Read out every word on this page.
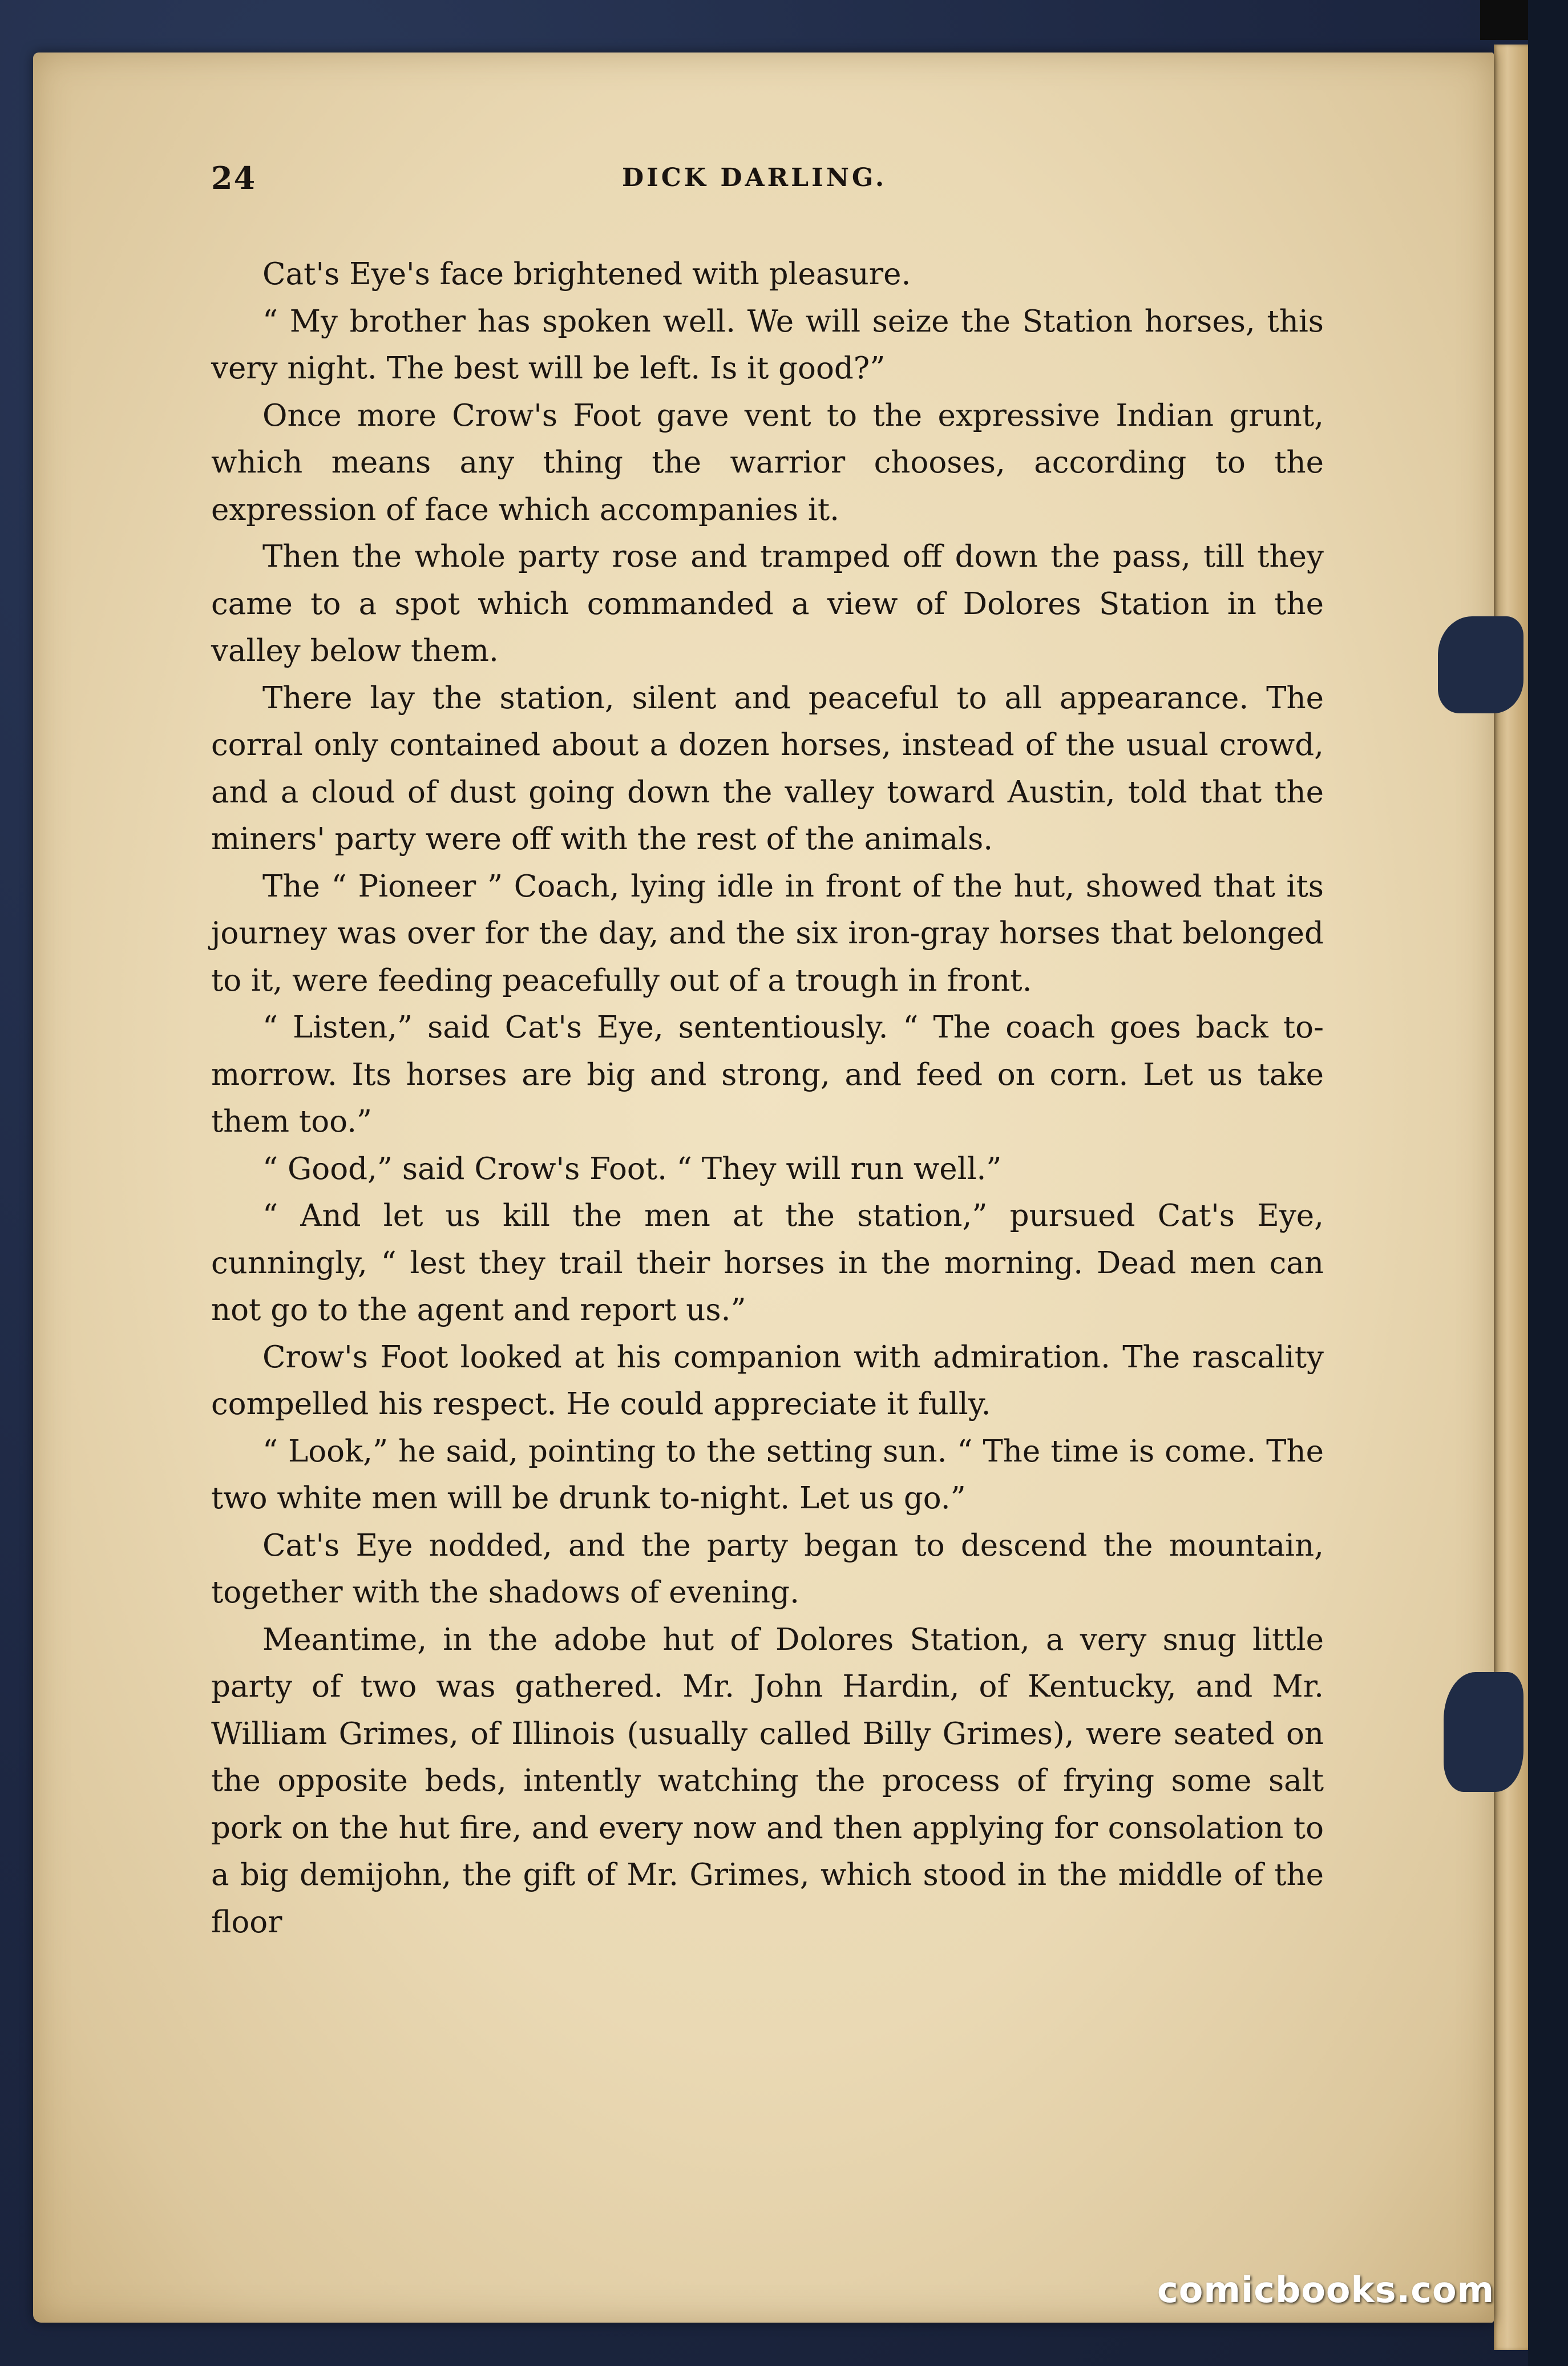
24	DICK DARLING.

Cat's Eye's face brightened with pleasure.

“ My brother has spoken well. We will seize the Station horses, this very night. The best will be left. Is it good?”

Once more Crow's Foot gave vent to the expressive Indian grunt, which means any thing the warrior chooses, according to the expression of face which accompanies it.

Then the whole party rose and tramped off down the pass, till they came to a spot which commanded a view of Dolores Station in the valley below them.

There lay the station, silent and peaceful to all appearance. The corral only contained about a dozen horses, instead of the usual crowd, and a cloud of dust going down the valley toward Austin, told that the miners' party were off with the rest of the animals.

The “ Pioneer ” Coach, lying idle in front of the hut, showed that its journey was over for the day, and the six iron-gray horses that belonged to it, were feeding peacefully out of a trough in front.

“ Listen,” said Cat's Eye, sententiously. “ The coach goes back to-morrow. Its horses are big and strong, and feed on corn. Let us take them too.”

“ Good,” said Crow's Foot. “ They will run well.”

“ And let us kill the men at the station,” pursued Cat's Eye, cunningly, “ lest they trail their horses in the morning. Dead men can not go to the agent and report us.”

Crow's Foot looked at his companion with admiration. The rascality compelled his respect. He could appreciate it fully.

“ Look,” he said, pointing to the setting sun. “ The time is come. The two white men will be drunk to-night. Let us go.”

Cat's Eye nodded, and the party began to descend the mountain, together with the shadows of evening.

Meantime, in the adobe hut of Dolores Station, a very snug little party of two was gathered. Mr. John Hardin, of Kentucky, and Mr. William Grimes, of Illinois (usually called Billy Grimes), were seated on the opposite beds, intently watching the process of frying some salt pork on the hut fire, and every now and then applying for consolation to a big demijohn, the gift of Mr. Grimes, which stood in the middle of the floor

comicbooks.com
